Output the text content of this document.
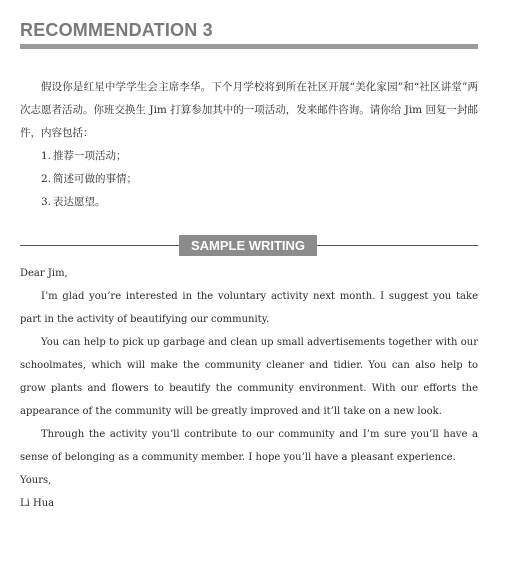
RECOMMENDATION 3

假设你是红星中学学生会主席李华。下个月学校将到所在社区开展“美化家园”和“社区讲堂”两次志愿者活动。你班交换生 Jim 打算参加其中的一项活动，发来邮件咨询。请你给 Jim 回复一封邮件，内容包括：

1. 推荐一项活动；
2. 简述可做的事情；
3. 表达愿望。
SAMPLE WRITING

Dear Jim,

I’m glad you’re interested in the voluntary activity next month. I suggest you take part in the activity of beautifying our community.

You can help to pick up garbage and clean up small advertisements together with our schoolmates, which will make the community cleaner and tidier. You can also help to grow plants and flowers to beautify the community environment. With our efforts the appearance of the community will be greatly improved and it’ll take on a new look.

Through the activity you’ll contribute to our community and I’m sure you’ll have a sense of belonging as a community member. I hope you’ll have a pleasant experience.

Yours,

Li Hua
